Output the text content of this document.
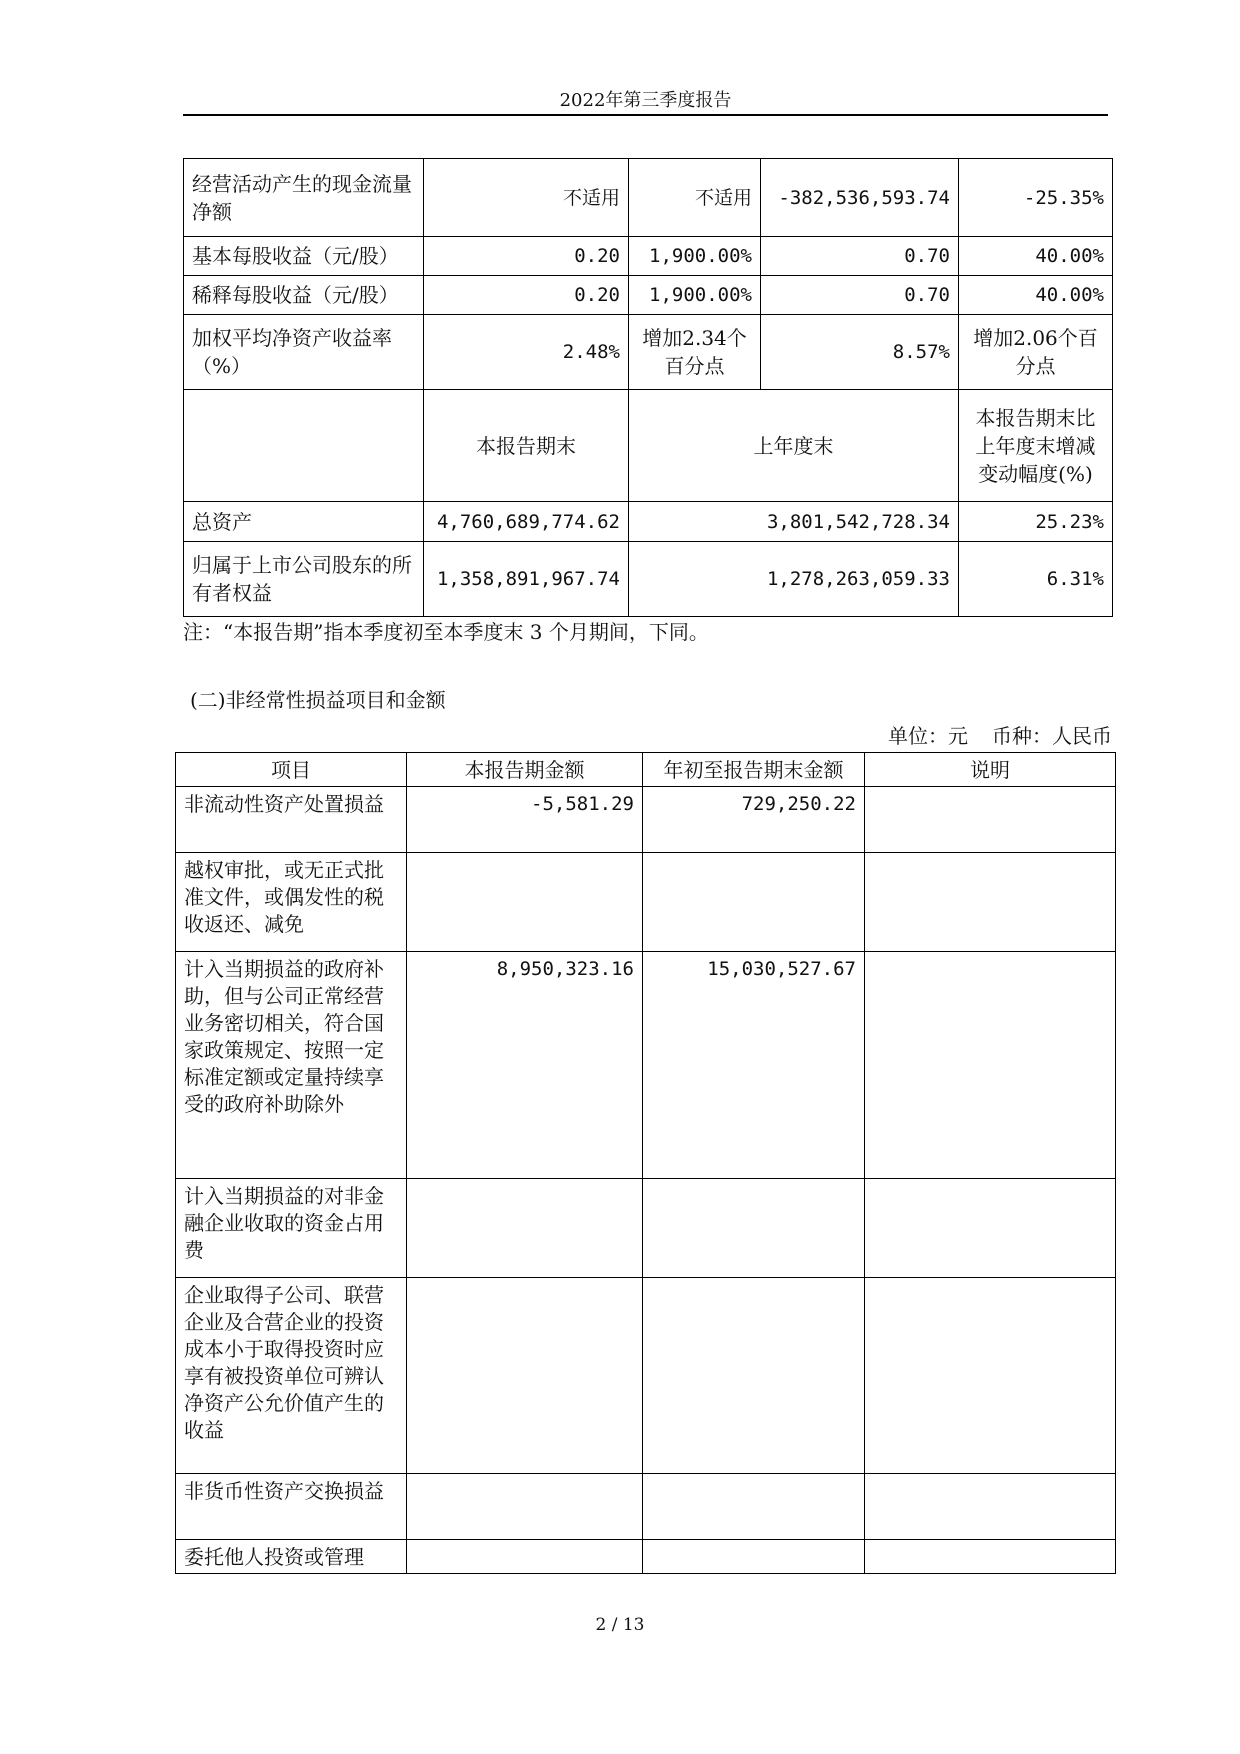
2022年第三季度报告
经营活动产生的现金流量净额	不适用	不适用	-382,536,593.74	-25.35%
基本每股收益（元/股）	0.20	1,900.00%	0.70	40.00%
稀释每股收益（元/股）	0.20	1,900.00%	0.70	40.00%
加权平均净资产收益率（%）	2.48%	增加2.34个百分点	8.57%	增加2.06个百分点
	本报告期末	上年度末		本报告期末比上年度末增减变动幅度(%)
总资产	4,760,689,774.62	3,801,542,728.34		25.23%
归属于上市公司股东的所有者权益	1,358,891,967.74	1,278,263,059.33		6.31%
注：“本报告期”指本季度初至本季度末 3 个月期间，下同。
(二)非经常性损益项目和金额
单位：元 币种：人民币
项目	本报告期金额	年初至报告期末金额	说明
非流动性资产处置损益	-5,581.29	729,250.22	
越权审批，或无正式批准文件，或偶发性的税收返还、减免			
计入当期损益的政府补助，但与公司正常经营业务密切相关，符合国家政策规定、按照一定标准定额或定量持续享受的政府补助除外	8,950,323.16	15,030,527.67	
计入当期损益的对非金融企业收取的资金占用费			
企业取得子公司、联营企业及合营企业的投资成本小于取得投资时应享有被投资单位可辨认净资产公允价值产生的收益			
非货币性资产交换损益			
委托他人投资或管理			
2 / 13
